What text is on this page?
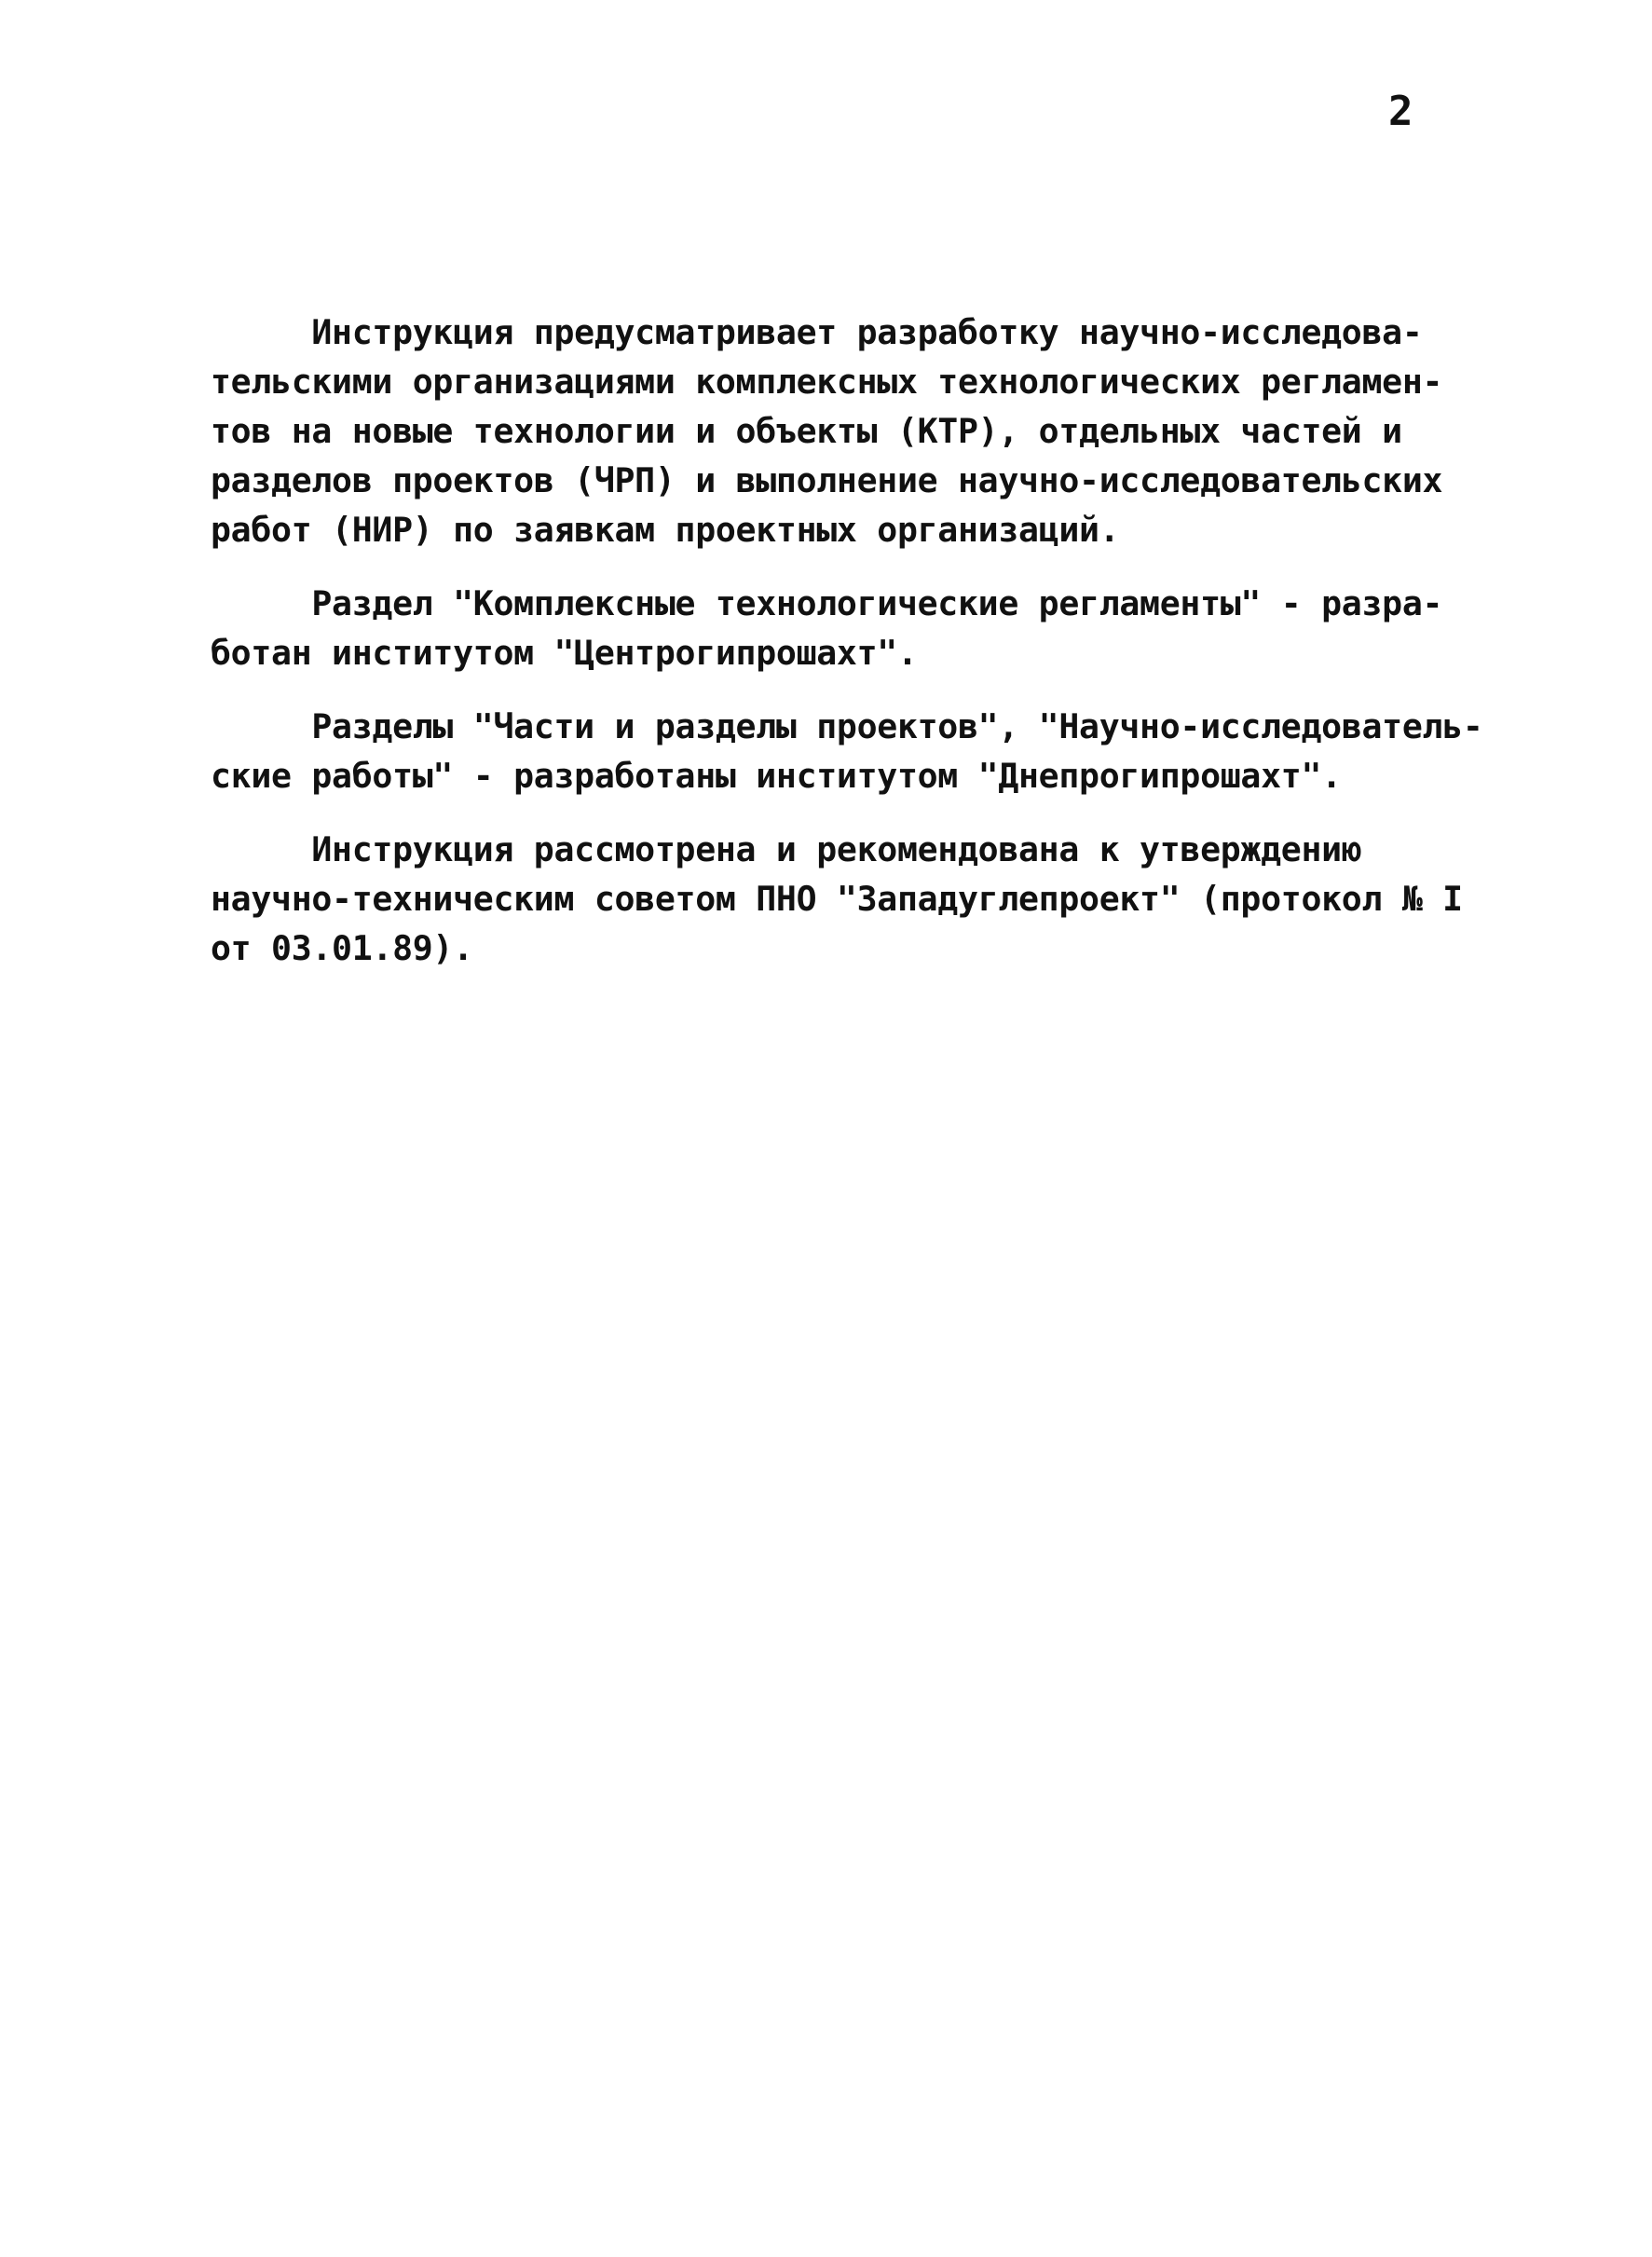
2

Инструкция предусматривает разработку научно-исследова-
тельскими организациями комплексных технологических регламен-
тов на новые технологии и объекты (КТР), отдельных частей и
разделов проектов (ЧРП) и выполнение научно-исследовательских
работ (НИР) по заявкам проектных организаций.

Раздел "Комплексные технологические регламенты" - разра-
ботан институтом "Центрогипрошахт".

Разделы "Части и разделы проектов", "Научно-исследователь-
ские работы" - разработаны институтом "Днепрогипрошахт".

Инструкция рассмотрена и рекомендована к утверждению
научно-техническим советом ПНО "Западуглепроект" (протокол № I
от 03.01.89).
